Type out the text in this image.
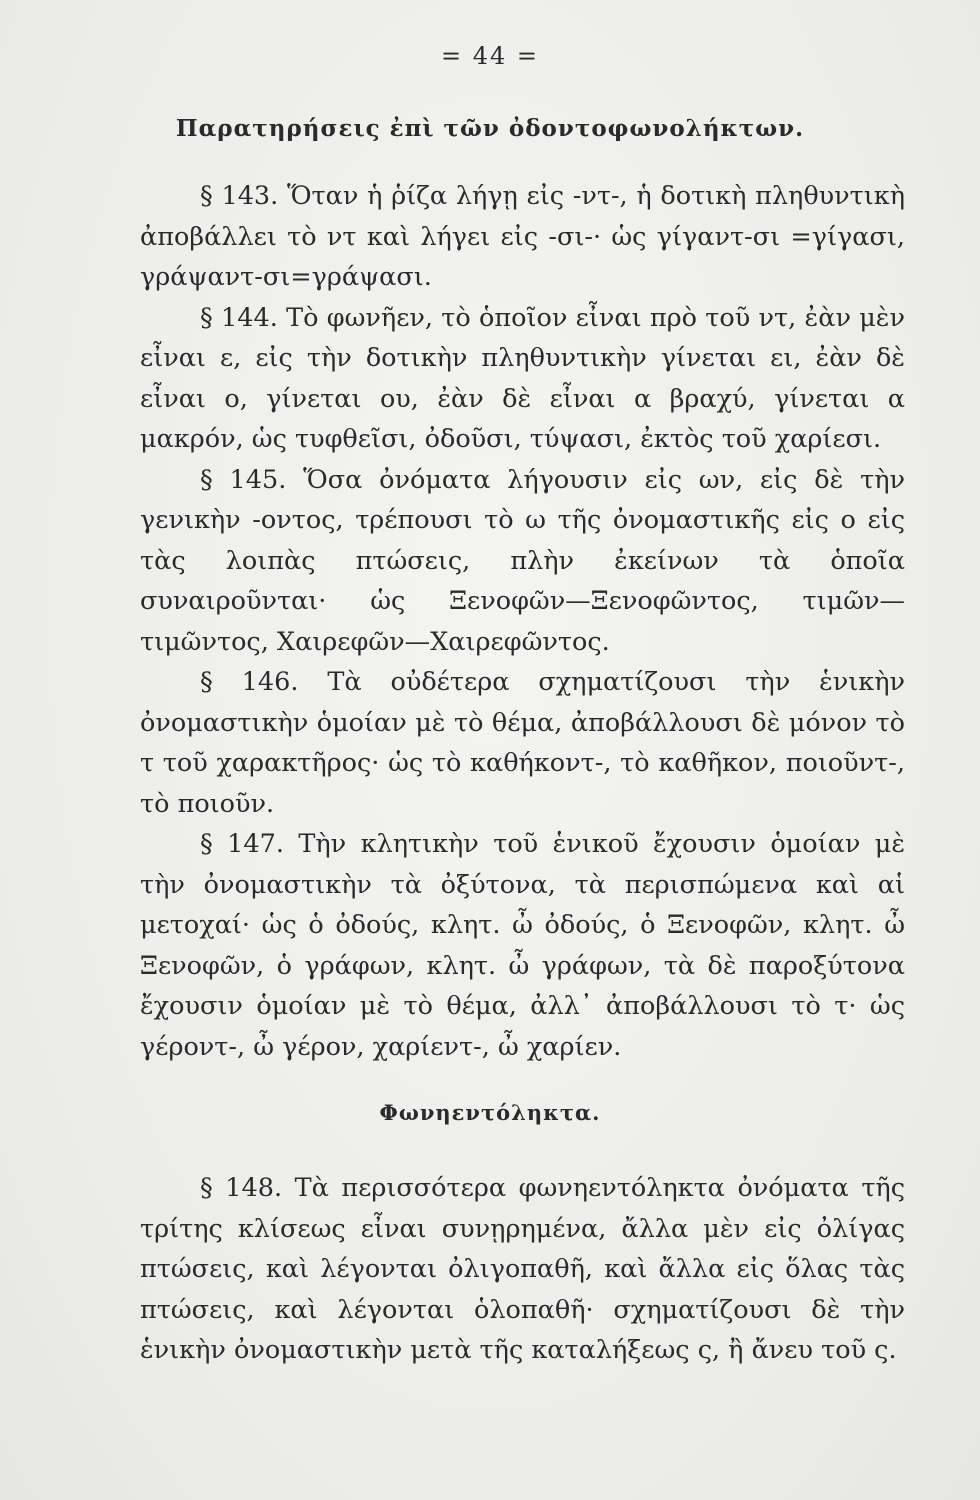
= 44 =
Παρατηρήσεις ἐπὶ τῶν ὀδοντοφωνολήκτων.

§ 143. Ὅταν ἡ ῥίζα λήγῃ εἰς -ντ-, ἡ δοτικὴ πληθυντικὴ ἀποβάλλει τὸ ντ καὶ λήγει εἰς -σι-· ὡς γίγαντ-σι =γίγασι, γράψαντ-σι=γράψασι.

§ 144. Τὸ φωνῆεν, τὸ ὁποῖον εἶναι πρὸ τοῦ ντ, ἐὰν μὲν εἶναι ε, εἰς τὴν δοτικὴν πληθυντικὴν γίνεται ει, ἐὰν δὲ εἶναι ο, γίνεται ου, ἐὰν δὲ εἶναι α βραχύ, γίνεται α μακρόν, ὡς τυφθεῖσι, ὀδοῦσι, τύψασι, ἐκτὸς τοῦ χαρίεσι.

§ 145. Ὅσα ὀνόματα λήγουσιν εἰς ων, εἰς δὲ τὴν γενικὴν -οντος, τρέπουσι τὸ ω τῆς ὀνομαστικῆς εἰς ο εἰς τὰς λοιπὰς πτώσεις, πλὴν ἐκείνων τὰ ὁποῖα συναιροῦνται· ὡς Ξενοφῶν—Ξενοφῶντος, τιμῶν— τιμῶντος, Χαιρεφῶν—Χαιρεφῶντος.

§ 146. Τὰ οὐδέτερα σχηματίζουσι τὴν ἑνικὴν ὀνομαστικὴν ὁμοίαν μὲ τὸ θέμα, ἀποβάλλουσι δὲ μόνον τὸ τ τοῦ χαρακτῆρος· ὡς τὸ καθήκοντ-, τὸ καθῆκον, ποιοῦντ-, τὸ ποιοῦν.

§ 147. Τὴν κλητικὴν τοῦ ἑνικοῦ ἔχουσιν ὁμοίαν μὲ τὴν ὀνομαστικὴν τὰ ὀξύτονα, τὰ περισπώμενα καὶ αἱ μετοχαί· ὡς ὁ ὀδούς, κλητ. ὦ ὀδούς, ὁ Ξενοφῶν, κλητ. ὦ Ξενοφῶν, ὁ γράφων, κλητ. ὦ γράφων, τὰ δὲ παροξύτονα ἔχουσιν ὁμοίαν μὲ τὸ θέμα, ἀλλ᾽ ἀποβάλλουσι τὸ τ· ὡς γέροντ-, ὦ γέρον, χαρίεντ-, ὦ χαρίεν.

Φωνηεντόληκτα.

§ 148. Τὰ περισσότερα φωνηεντόληκτα ὀνόματα τῆς τρίτης κλίσεως εἶναι συνῃρημένα, ἄλλα μὲν εἰς ὀλίγας πτώσεις, καὶ λέγονται ὀλιγοπαθῆ, καὶ ἄλλα εἰς ὅλας τὰς πτώσεις, καὶ λέγονται ὁλοπαθῆ· σχηματίζουσι δὲ τὴν ἑνικὴν ὀνομαστικὴν μετὰ τῆς καταλήξεως ς, ἢ ἄνευ τοῦ ς.
